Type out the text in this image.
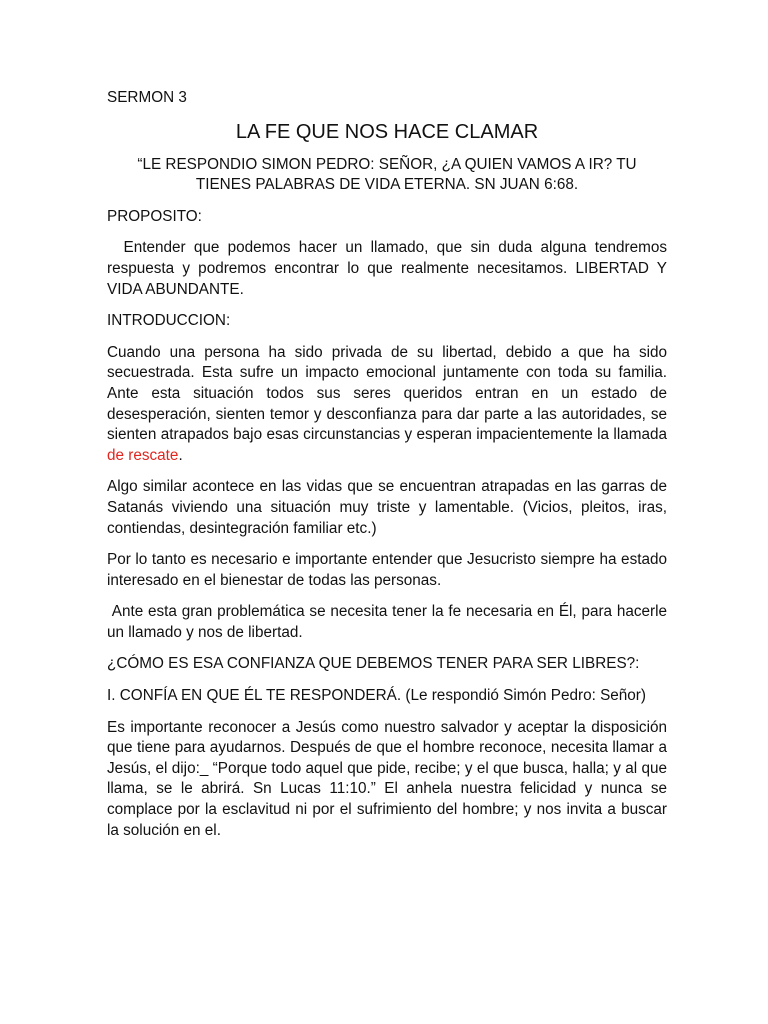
SERMON 3

LA FE QUE NOS HACE CLAMAR
“LE RESPONDIO SIMON PEDRO: SEÑOR, ¿A QUIEN VAMOS A IR? TU
TIENES PALABRAS DE VIDA ETERNA. SN JUAN 6:68.

PROPOSITO:

Entender que podemos hacer un llamado, que sin duda alguna tendremos respuesta y podremos encontrar lo que realmente necesitamos. LIBERTAD Y VIDA ABUNDANTE.

INTRODUCCION:

Cuando una persona ha sido privada de su libertad, debido a que ha sido secuestrada. Esta sufre un impacto emocional juntamente con toda su familia. Ante esta situación todos sus seres queridos entran en un estado de desesperación, sienten temor y desconfianza para dar parte a las autoridades, se sienten atrapados bajo esas circunstancias y esperan impacientemente la llamada de rescate.

Algo similar acontece en las vidas que se encuentran atrapadas en las garras de Satanás viviendo una situación muy triste y lamentable. (Vicios, pleitos, iras, contiendas, desintegración familiar etc.)

Por lo tanto es necesario e importante entender que Jesucristo siempre ha estado interesado en el bienestar de todas las personas.

Ante esta gran problemática se necesita tener la fe necesaria en Él, para hacerle un llamado y nos de libertad.

¿CÓMO ES ESA CONFIANZA QUE DEBEMOS TENER PARA SER LIBRES?:

I. CONFÍA EN QUE ÉL TE RESPONDERÁ. (Le respondió Simón Pedro: Señor)

Es importante reconocer a Jesús como nuestro salvador y aceptar la disposición que tiene para ayudarnos. Después de que el hombre reconoce, necesita llamar a Jesús, el dijo:_ “Porque todo aquel que pide, recibe; y el que busca, halla; y al que llama, se le abrirá. Sn Lucas 11:10.” El anhela nuestra felicidad y nunca se complace por la esclavitud ni por el sufrimiento del hombre; y nos invita a buscar la solución en el.
